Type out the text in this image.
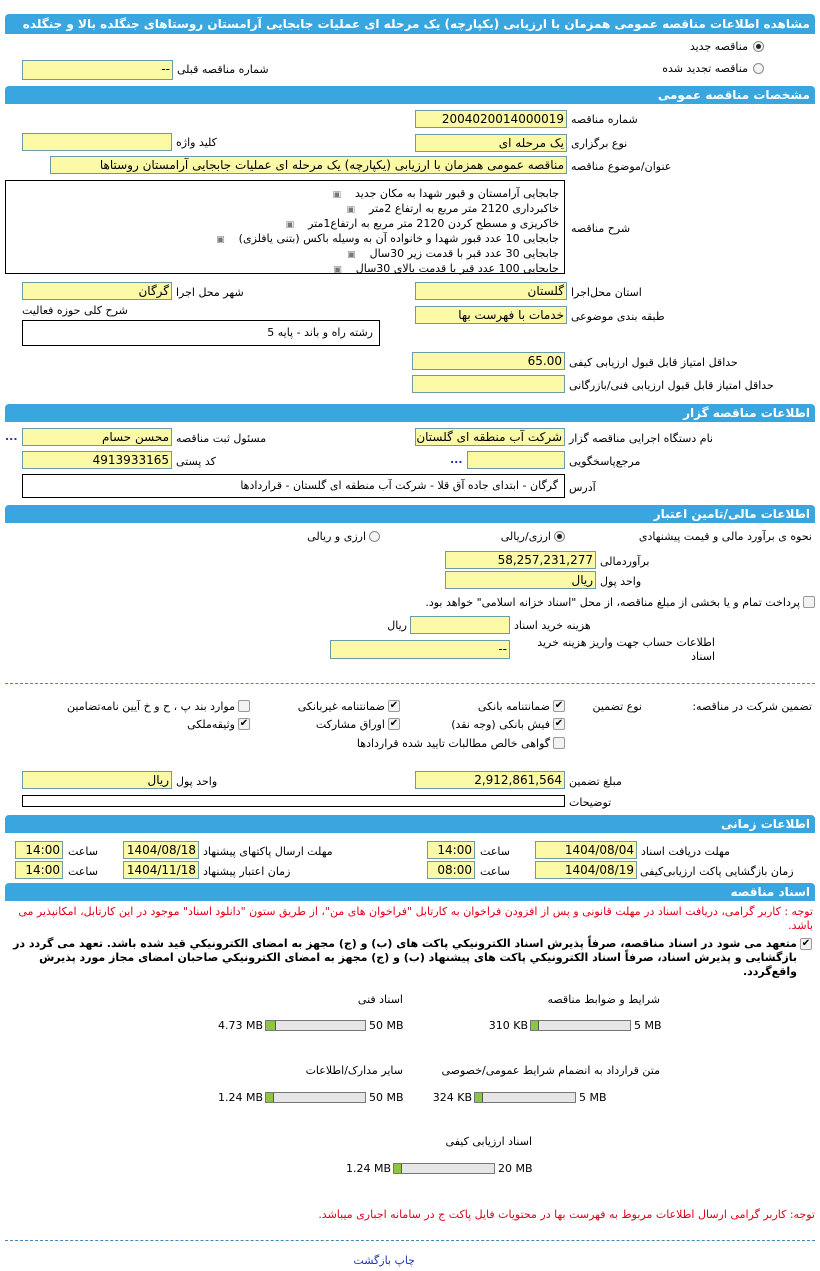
مشاهده اطلاعات مناقصه عمومی همزمان با ارزیابی (یکپارچه) یک مرحله ای عملیات جابجایی آرامستان روستاهای جنگلده بالا و جنگلده پایین
مناقصه جدید
مناقصه تجدید شده
شماره مناقصه قبلی
--
مشخصات مناقصه عمومی
شماره مناقصه
2004020014000019
نوع برگزاری
یک مرحله ای
کلید واژه
عنوان/موضوع مناقصه
مناقصه عمومی همزمان با ارزیابی (یکپارچه) یک مرحله ای عملیات جابجایی آرامستان روستاها
شرح مناقصه
جابجایی آرامستان و قبور شهدا به مکان جدید ▣
خاکبرداری 2120 متر مربع به ارتفاع 2متر ▣
خاکریزی و مسطح کردن 2120 متر مربع به ارتفاع1متر ▣
جابجایی 10 عدد قبور شهدا و خانواده آن به وسیله باکس (بتنی یافلزی) ▣
جابجایی 30 عدد قبر با قدمت زیر 30سال ▣
جابجایی 100 عدد قبر با قدمت بالای 30سال ▣
استان محل‌اجرا
گلستان
شهر محل اجرا
گرگان
طبقه بندی موضوعی
خدمات با فهرست بها
شرح کلی حوزه فعالیت
رشته راه و باند - پایه 5
حداقل امتیاز قابل قبول ارزیابی کیفی
65.00
حداقل امتیاز قابل قبول ارزیابی فنی/بازرگانی
اطلاعات مناقصه گزار
نام دستگاه اجرایی مناقصه گزار
شرکت آب منطقه ای گلستان
مسئول ثبت مناقصه
محسن حسام
...
مرجع‌پاسخگویی
...
کد پستی
4913933165
آدرس
گرگان - ابتدای جاده آق قلا - شرکت آب منطقه ای گلستان - قراردادها
اطلاعات مالی/تامین اعتبار
نحوه ی برآورد مالی و قیمت پیشنهادی
ارزی/ریالی
ارزی و ریالی
برآوردمالی
58,257,231,277
واحد پول
ریال
پرداخت تمام و یا بخشی از مبلغ مناقصه، از محل "اسناد خزانه اسلامی" خواهد بود.
هزینه خرید اسناد
ریال
اطلاعات حساب جهت واریز هزینه خرید اسناد
--
تضمین شرکت در مناقصه:
نوع تضمین
✔
ضمانتنامه بانکی
✔
ضمانتنامه غیربانکی
موارد بند پ ، ح و خ آیین نامه‌تضامین
✔
فیش بانکی (وجه نقد)
✔
اوراق مشارکت
✔
وثیقه‌ملکی
گواهی خالص مطالبات تایید شده قراردادها
مبلغ تضمین
2,912,861,564
واحد پول
ریال
توضیحات
اطلاعات زمانی
مهلت دریافت اسناد
1404/08/04
ساعت
14:00
مهلت ارسال پاکتهای پیشنهاد
1404/08/18
ساعت
14:00
زمان بازگشایی پاکت ارزیابی‌کیفی
1404/08/19
ساعت
08:00
زمان اعتبار پیشنهاد
1404/11/18
ساعت
14:00
اسناد مناقصه
توجه : کاربر گرامی، دریافت اسناد در مهلت قانونی و پس از افزودن فراخوان به کارتابل "فراخوان های من"، از طریق ستون "دانلود اسناد" موجود در این کارتابل، امکانپذیر می باشد.
✔
متعهد می شود در اسناد مناقصه، صرفاً پذيرش اسناد الكترونيكي پاكت هاى (ب) و (ج) مجهز به امضاى الكترونيكي قيد شده باشد. تعهد می گردد در بازگشایی و پذیرش اسناد، صرفاً اسناد الكترونيكي پاكت هاى پیشنهاد (ب) و (ج) مجهز به امضاى الكترونيكي صاحبان امضاى مجاز مورد پذيرش واقع‌گردد.
شرایط و ضوابط مناقصه
5 MB
310 KB
اسناد فنی
50 MB
4.73 MB
متن قرارداد به انضمام شرایط عمومی/خصوصی
5 MB
324 KB
سایر مدارک/اطلاعات
50 MB
1.24 MB
اسناد ارزیابی کیفی
20 MB
1.24 MB
توجه: کاربر گرامی ارسال اطلاعات مربوط به فهرست بها در محتویات فایل پاکت ج در سامانه اجباری میباشد.
چاپ بازگشت
